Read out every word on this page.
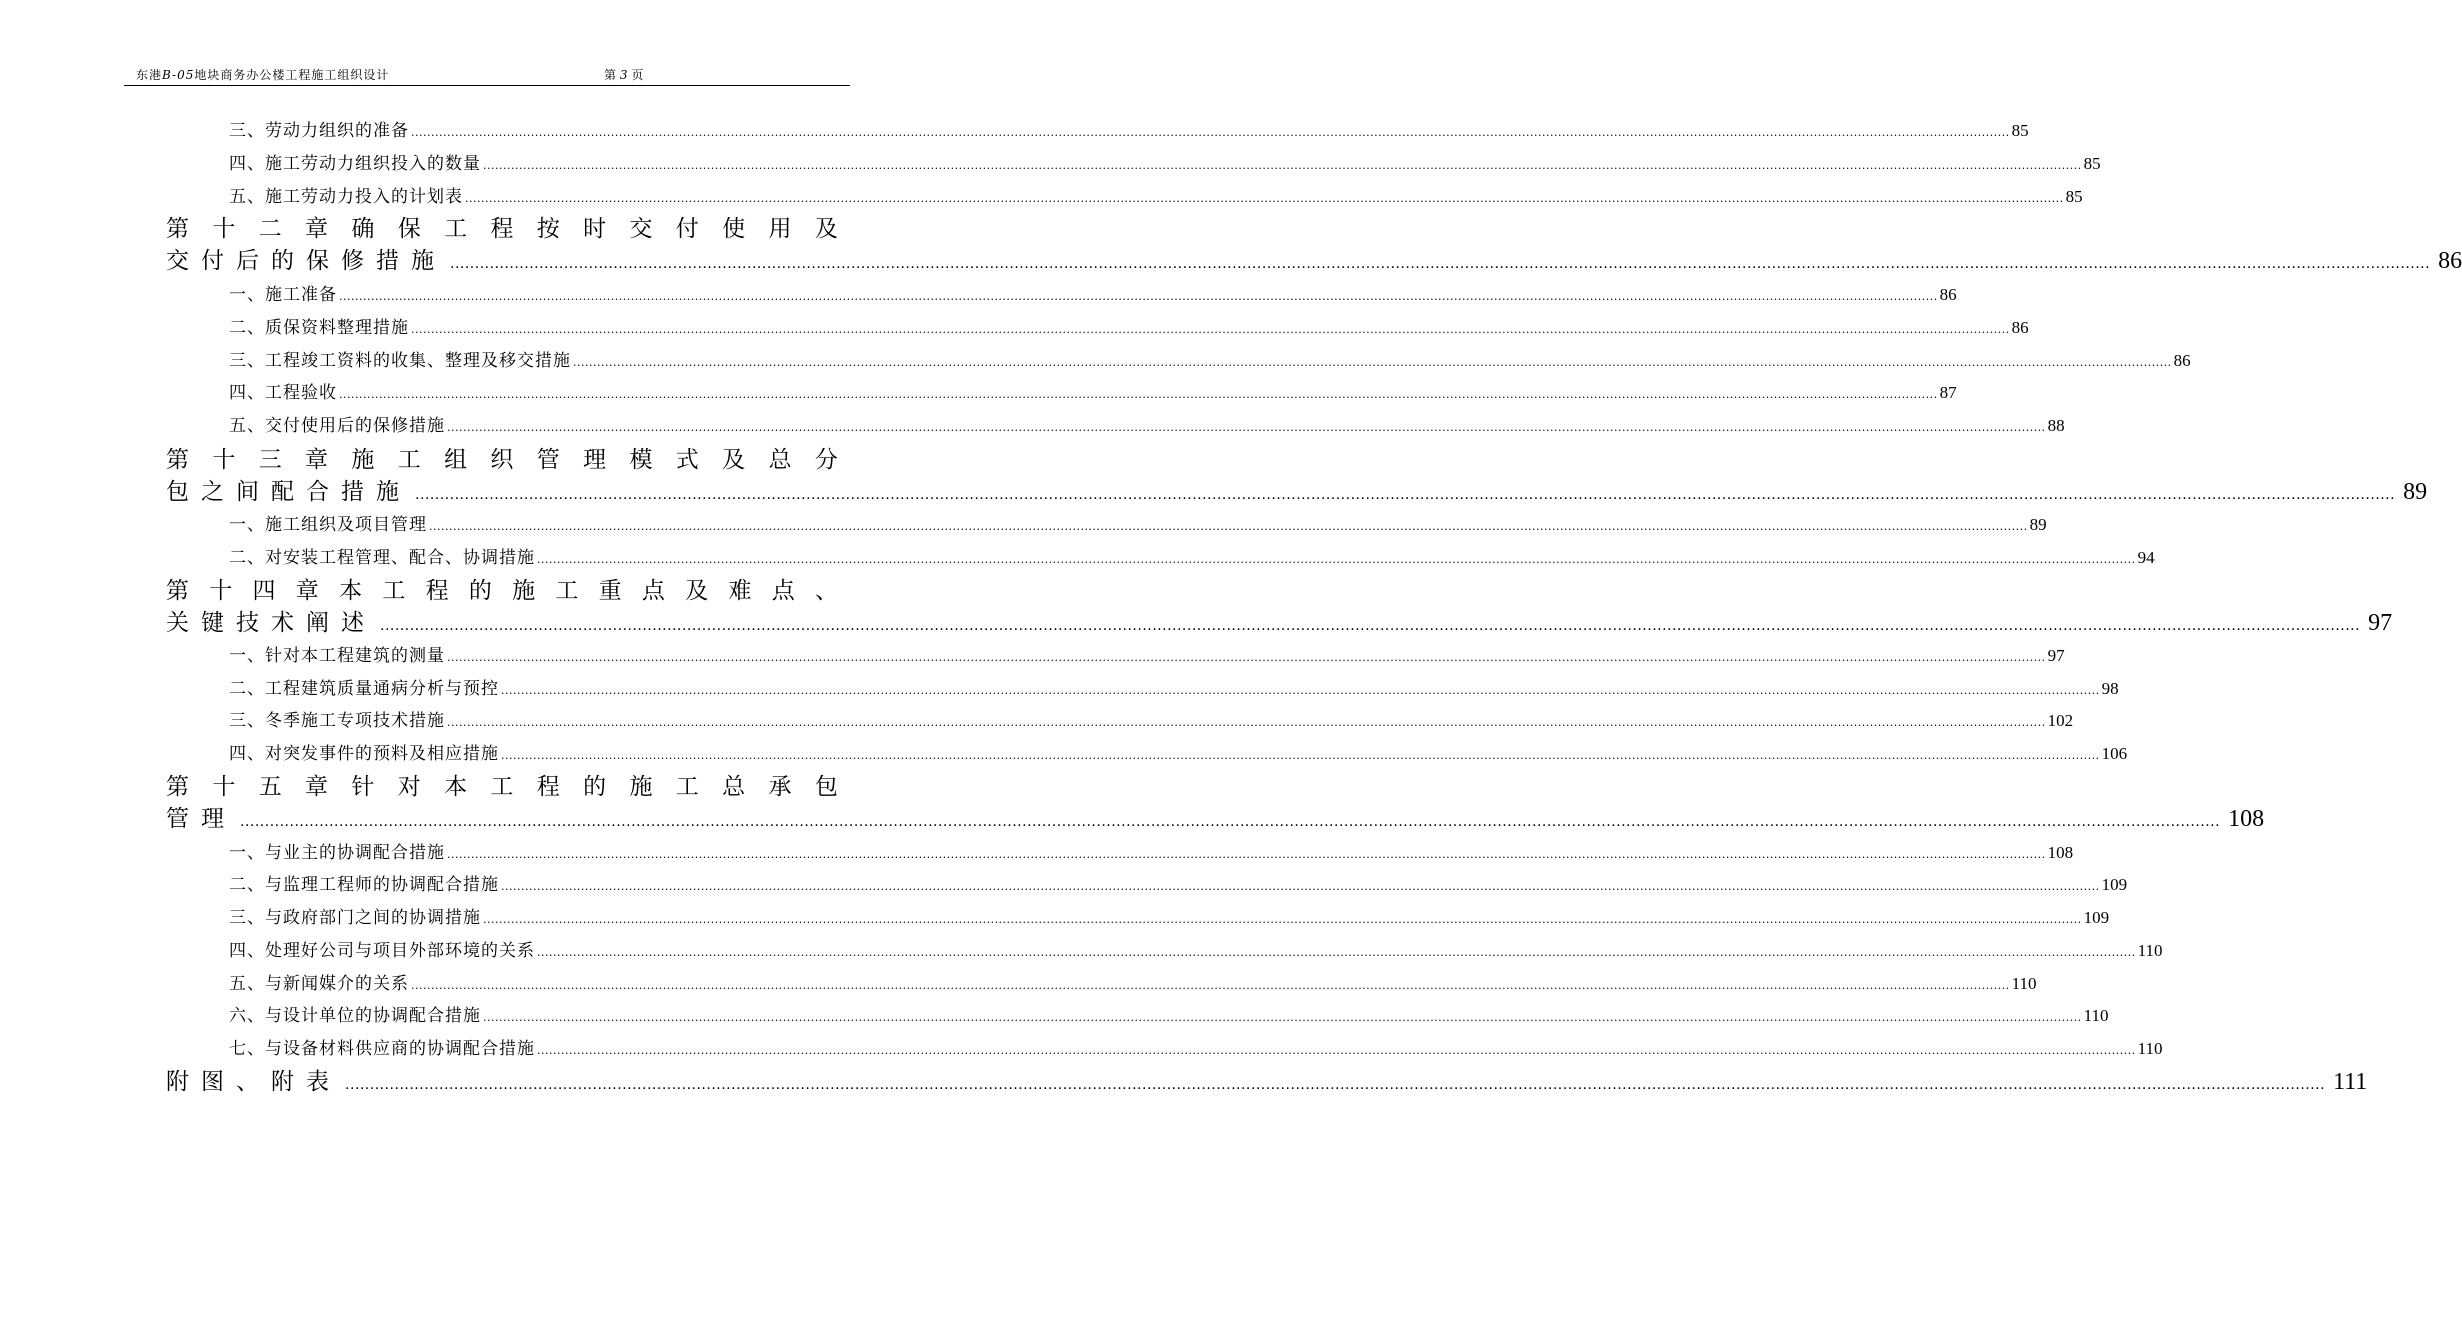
东港B-05地块商务办公楼工程施工组织设计	第 3 页
三、劳动力组织的准备 ................................................................................................................................................................................................................................................................................................................................................................................................................ 85
四、施工劳动力组织投入的数量 ................................................................................................................................................................................................................................................................................................................................................................................................................ 85
五、施工劳动力投入的计划表 ................................................................................................................................................................................................................................................................................................................................................................................................................ 85
第 十 二 章 确 保 工 程 按 时 交 付 使 用 及
交付后的保修措施 ................................................................................................................................................................................................................................................................................................................................................................................................................ 86
一、施工准备 ................................................................................................................................................................................................................................................................................................................................................................................................................ 86
二、质保资料整理措施 ................................................................................................................................................................................................................................................................................................................................................................................................................ 86
三、工程竣工资料的收集、整理及移交措施 ................................................................................................................................................................................................................................................................................................................................................................................................................ 86
四、工程验收 ................................................................................................................................................................................................................................................................................................................................................................................................................ 87
五、交付使用后的保修措施 ................................................................................................................................................................................................................................................................................................................................................................................................................ 88
第 十 三 章 施 工 组 织 管 理 模 式 及 总 分
包之间配合措施 ................................................................................................................................................................................................................................................................................................................................................................................................................ 89
一、施工组织及项目管理 ................................................................................................................................................................................................................................................................................................................................................................................................................ 89
二、对安装工程管理、配合、协调措施 ................................................................................................................................................................................................................................................................................................................................................................................................................ 94
第 十 四 章 本 工 程 的 施 工 重 点 及 难 点 、
关键技术阐述 ................................................................................................................................................................................................................................................................................................................................................................................................................ 97
一、针对本工程建筑的测量 ................................................................................................................................................................................................................................................................................................................................................................................................................ 97
二、工程建筑质量通病分析与预控 ................................................................................................................................................................................................................................................................................................................................................................................................................ 98
三、冬季施工专项技术措施 ................................................................................................................................................................................................................................................................................................................................................................................................................ 102
四、对突发事件的预料及相应措施 ................................................................................................................................................................................................................................................................................................................................................................................................................ 106
第 十 五 章 针 对 本 工 程 的 施 工 总 承 包
管理 ................................................................................................................................................................................................................................................................................................................................................................................................................ 108
一、与业主的协调配合措施 ................................................................................................................................................................................................................................................................................................................................................................................................................ 108
二、与监理工程师的协调配合措施 ................................................................................................................................................................................................................................................................................................................................................................................................................ 109
三、与政府部门之间的协调措施 ................................................................................................................................................................................................................................................................................................................................................................................................................ 109
四、处理好公司与项目外部环境的关系 ................................................................................................................................................................................................................................................................................................................................................................................................................ 110
五、与新闻媒介的关系 ................................................................................................................................................................................................................................................................................................................................................................................................................ 110
六、与设计单位的协调配合措施 ................................................................................................................................................................................................................................................................................................................................................................................................................ 110
七、与设备材料供应商的协调配合措施 ................................................................................................................................................................................................................................................................................................................................................................................................................ 110
附图、附表 ................................................................................................................................................................................................................................................................................................................................................................................................................ 111
